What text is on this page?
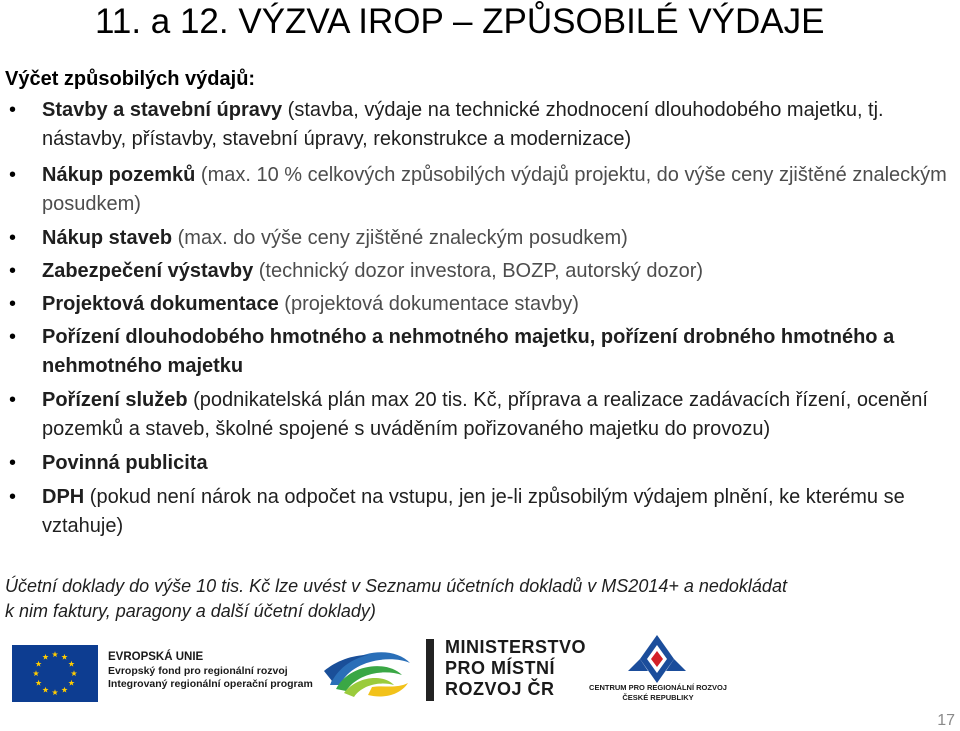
11. a 12. VÝZVA IROP – ZPŮSOBILÉ VÝDAJE
Výčet způsobilých výdajů:
• Stavby a stavební úpravy (stavba, výdaje na technické zhodnocení dlouhodobého majetku, tj. nástavby, přístavby, stavební úpravy, rekonstrukce a modernizace)
• Nákup pozemků (max. 10 % celkových způsobilých výdajů projektu, do výše ceny zjištěné znaleckým posudkem)
• Nákup staveb (max. do výše ceny zjištěné znaleckým posudkem)
• Zabezpečení výstavby (technický dozor investora, BOZP, autorský dozor)
• Projektová dokumentace (projektová dokumentace stavby)
• Pořízení dlouhodobého hmotného a nehmotného majetku, pořízení drobného hmotného a nehmotného majetku
• Pořízení služeb (podnikatelská plán max 20 tis. Kč, příprava a realizace zadávacích řízení, ocenění pozemků a staveb, školné spojené s uváděním pořizovaného majetku do provozu)
• Povinná publicita
• DPH (pokud není nárok na odpočet na vstupu, jen je-li způsobilým výdajem plnění, ke kterému se vztahuje)
Účetní doklady do výše 10 tis. Kč lze uvést v Seznamu účetních dokladů v MS2014+ a nedokládat
k nim faktury, paragony a další účetní doklady)
EVROPSKÁ UNIE
Evropský fond pro regionální rozvoj
Integrovaný regionální operační program
MINISTERSTVO
PRO MÍSTNÍ
ROZVOJ ČR	CENTRUM PRO REGIONÁLNÍ ROZVOJ
ČESKÉ REPUBLIKY
17
